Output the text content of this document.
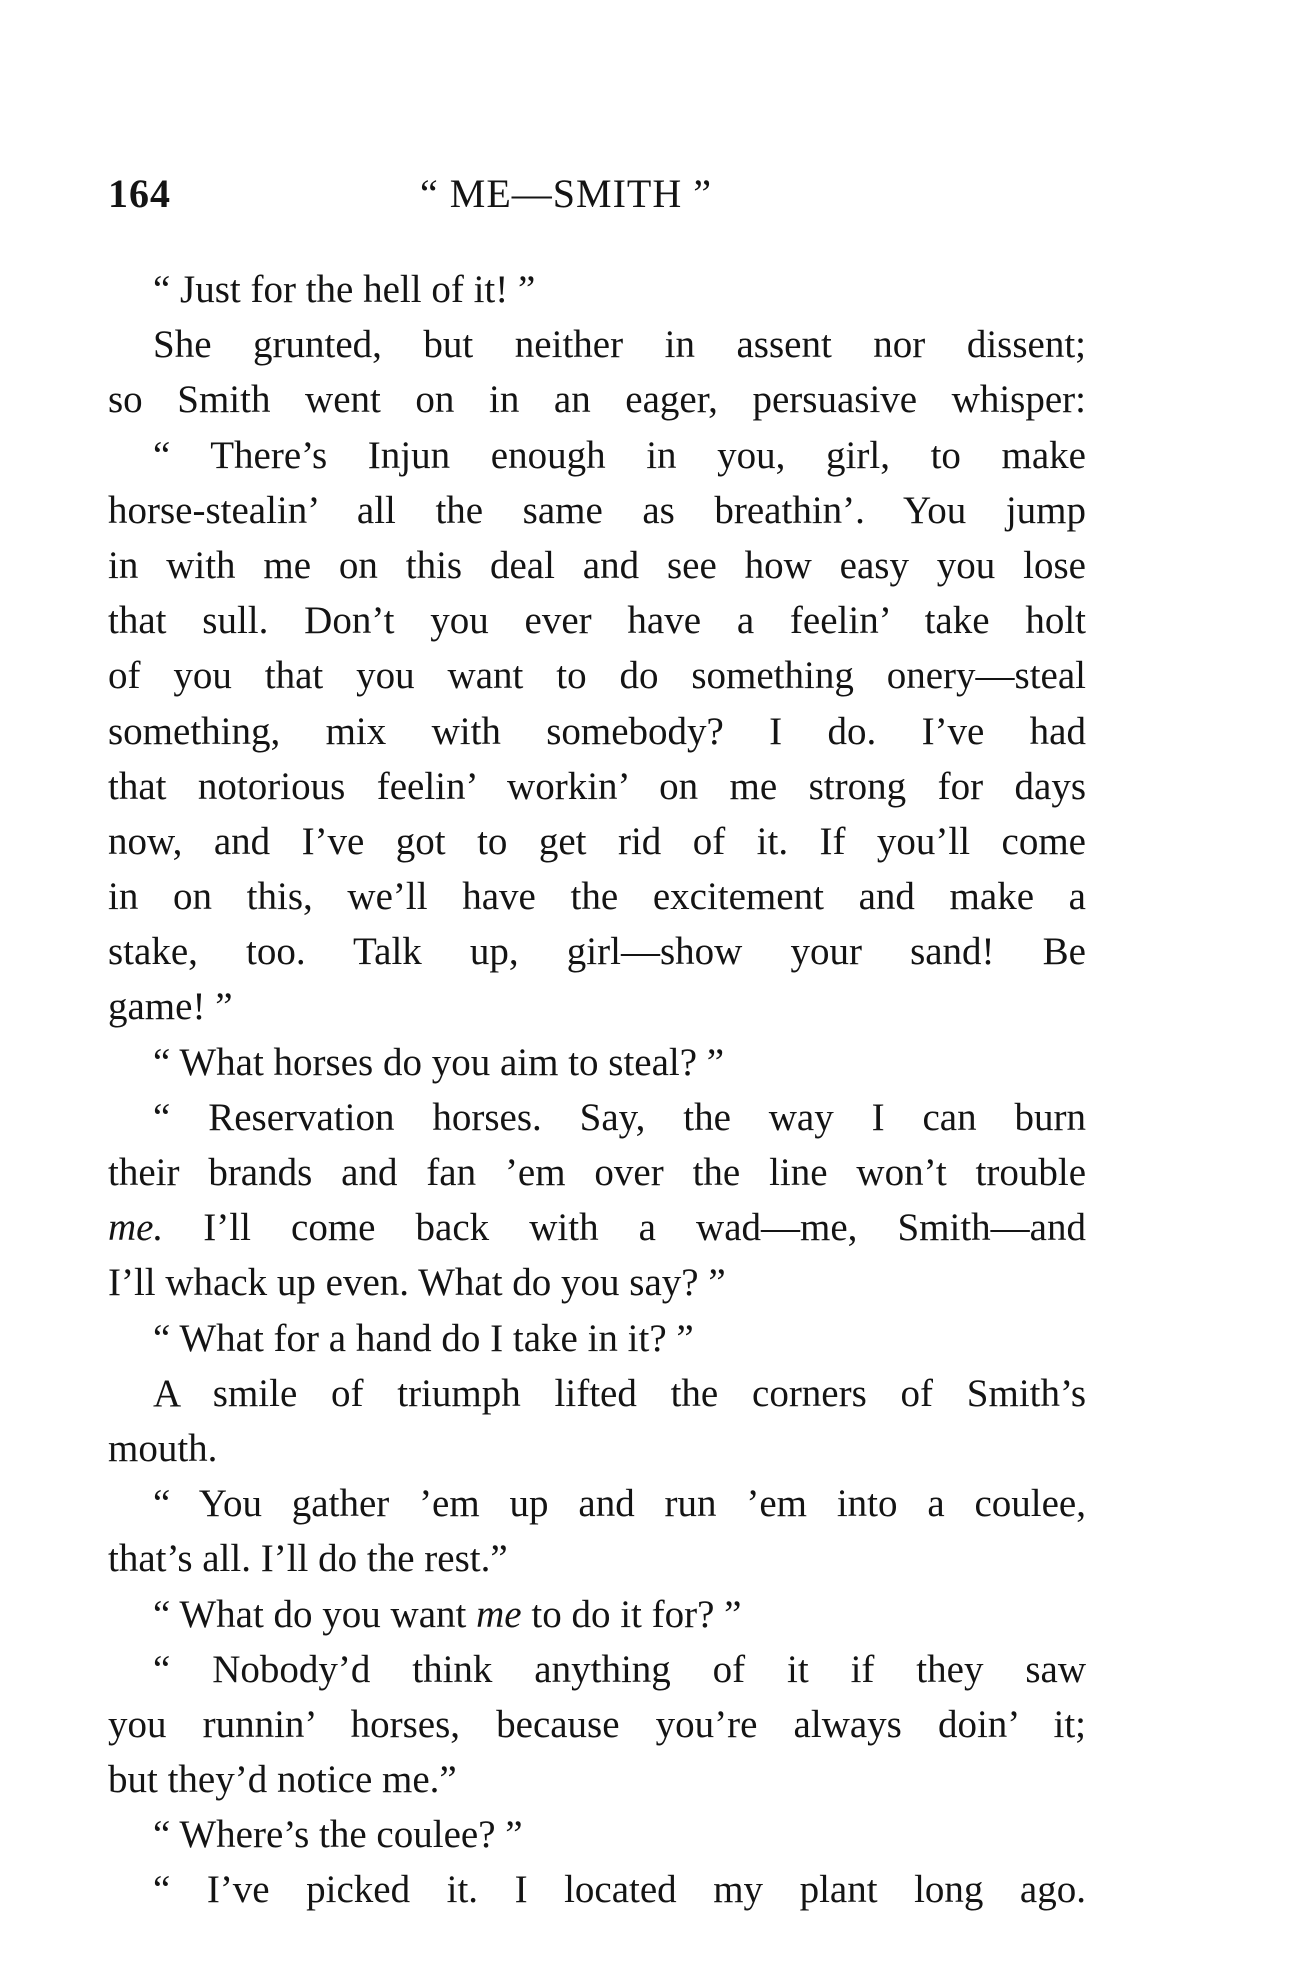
164	“ ME—SMITH ”
“ Just for the hell of it! ”
She grunted, but neither in assent nor dissent;
so Smith went on in an eager, persuasive whisper:
“ There’s Injun enough in you, girl, to make
horse-stealin’ all the same as breathin’. You jump
in with me on this deal and see how easy you lose
that sull. Don’t you ever have a feelin’ take holt
of you that you want to do something onery—steal
something, mix with somebody? I do. I’ve had
that notorious feelin’ workin’ on me strong for days
now, and I’ve got to get rid of it. If you’ll come
in on this, we’ll have the excitement and make a
stake, too. Talk up, girl—show your sand! Be
game! ”
“ What horses do you aim to steal? ”
“ Reservation horses. Say, the way I can burn
their brands and fan ’em over the line won’t trouble
me. I’ll come back with a wad—me, Smith—and
I’ll whack up even. What do you say? ”
“ What for a hand do I take in it? ”
A smile of triumph lifted the corners of Smith’s
mouth.
“ You gather ’em up and run ’em into a coulee,
that’s all. I’ll do the rest.”
“ What do you want me to do it for? ”
“ Nobody’d think anything of it if they saw
you runnin’ horses, because you’re always doin’ it;
but they’d notice me.”
“ Where’s the coulee? ”
“ I’ve picked it. I located my plant long ago.
